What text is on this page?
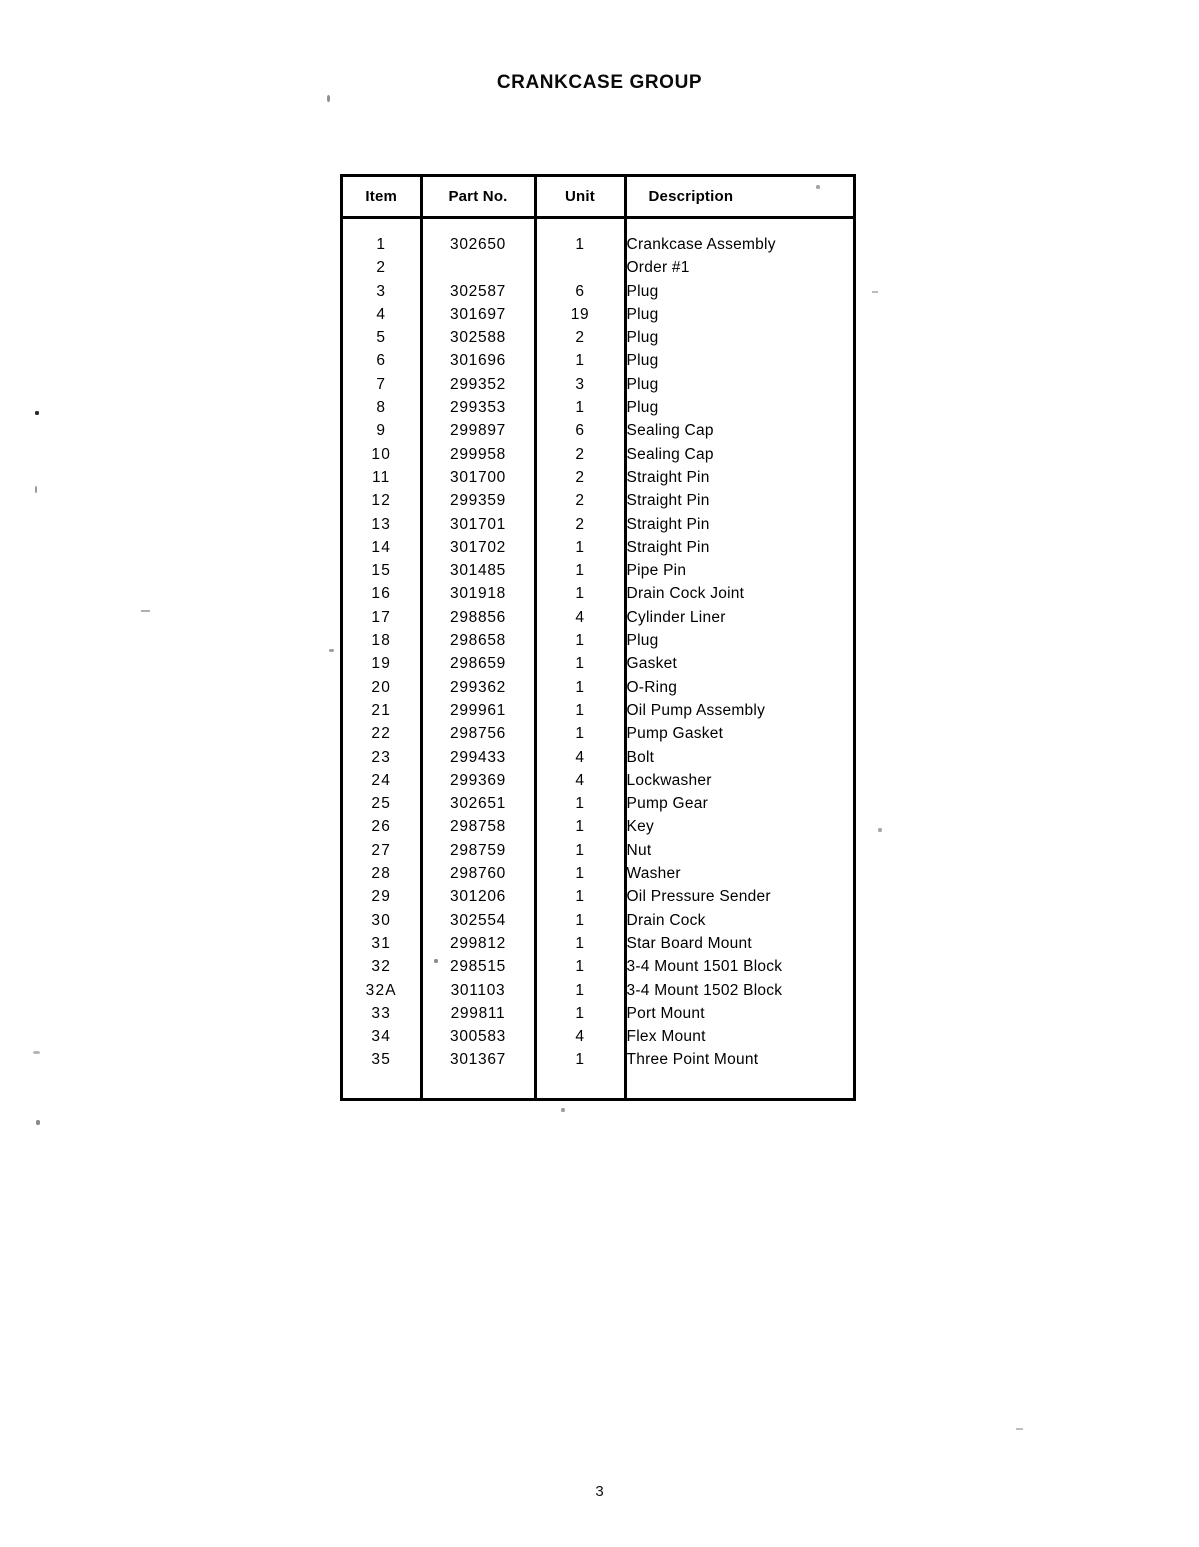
CRANKCASE GROUP
Item	Part No.	Unit	Description

1	302650	1	Crankcase Assembly
2			Order #1
3	302587	6	Plug
4	301697	19	Plug
5	302588	2	Plug
6	301696	1	Plug
7	299352	3	Plug
8	299353	1	Plug
9	299897	6	Sealing Cap
10	299958	2	Sealing Cap
11	301700	2	Straight Pin
12	299359	2	Straight Pin
13	301701	2	Straight Pin
14	301702	1	Straight Pin
15	301485	1	Pipe Pin
16	301918	1	Drain Cock Joint
17	298856	4	Cylinder Liner
18	298658	1	Plug
19	298659	1	Gasket
20	299362	1	O-Ring
21	299961	1	Oil Pump Assembly
22	298756	1	Pump Gasket
23	299433	4	Bolt
24	299369	4	Lockwasher
25	302651	1	Pump Gear
26	298758	1	Key
27	298759	1	Nut
28	298760	1	Washer
29	301206	1	Oil Pressure Sender
30	302554	1	Drain Cock
31	299812	1	Star Board Mount
32	298515	1	3-4 Mount 1501 Block
32A	301103	1	3-4 Mount 1502 Block
33	299811	1	Port Mount
34	300583	4	Flex Mount
35	301367	1	Three Point Mount

3
